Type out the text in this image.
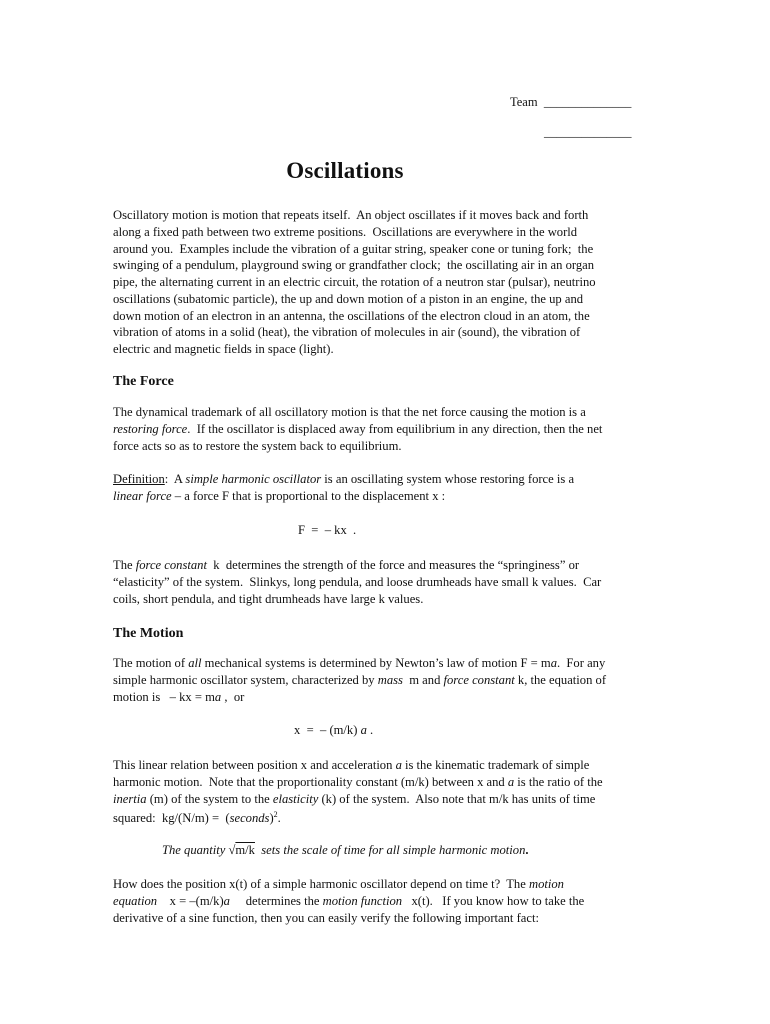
Team ______________
______________
Oscillations
Oscillatory motion is motion that repeats itself.  An object oscillates if it moves back and forth
along a fixed path between two extreme positions.  Oscillations are everywhere in the world
around you.  Examples include the vibration of a guitar string, speaker cone or tuning fork;  the
swinging of a pendulum, playground swing or grandfather clock;  the oscillating air in an organ
pipe, the alternating current in an electric circuit, the rotation of a neutron star (pulsar), neutrino
oscillations (subatomic particle), the up and down motion of a piston in an engine, the up and
down motion of an electron in an antenna, the oscillations of the electron cloud in an atom, the
vibration of atoms in a solid (heat), the vibration of molecules in air (sound), the vibration of
electric and magnetic fields in space (light).
The Force
The dynamical trademark of all oscillatory motion is that the net force causing the motion is a
restoring force.  If the oscillator is displaced away from equilibrium in any direction, then the net
force acts so as to restore the system back to equilibrium.
Definition:  A simple harmonic oscillator is an oscillating system whose restoring force is a
linear force – a force F that is proportional to the displacement x :
F  =  – kx  .
The force constant  k  determines the strength of the force and measures the “springiness” or
“elasticity” of the system.  Slinkys, long pendula, and loose drumheads have small k values.  Car
coils, short pendula, and tight drumheads have large k values.
The Motion
The motion of all mechanical systems is determined by Newton’s law of motion F = ma.  For any
simple harmonic oscillator system, characterized by mass  m and force constant k, the equation of
motion is   – kx = ma ,  or
x  =  – (m/k) a .
This linear relation between position x and acceleration a is the kinematic trademark of simple
harmonic motion.  Note that the proportionality constant (m/k) between x and a is the ratio of the
inertia (m) of the system to the elasticity (k) of the system.  Also note that m/k has units of time
squared:  kg/(N/m) =  (seconds)$^2$.
The quantity √m/k  sets the scale of time for all simple harmonic motion.
How does the position x(t) of a simple harmonic oscillator depend on time t?  The motion
equation    x = –(m/k)a     determines the motion function   x(t).   If you know how to take the
derivative of a sine function, then you can easily verify the following important fact:
